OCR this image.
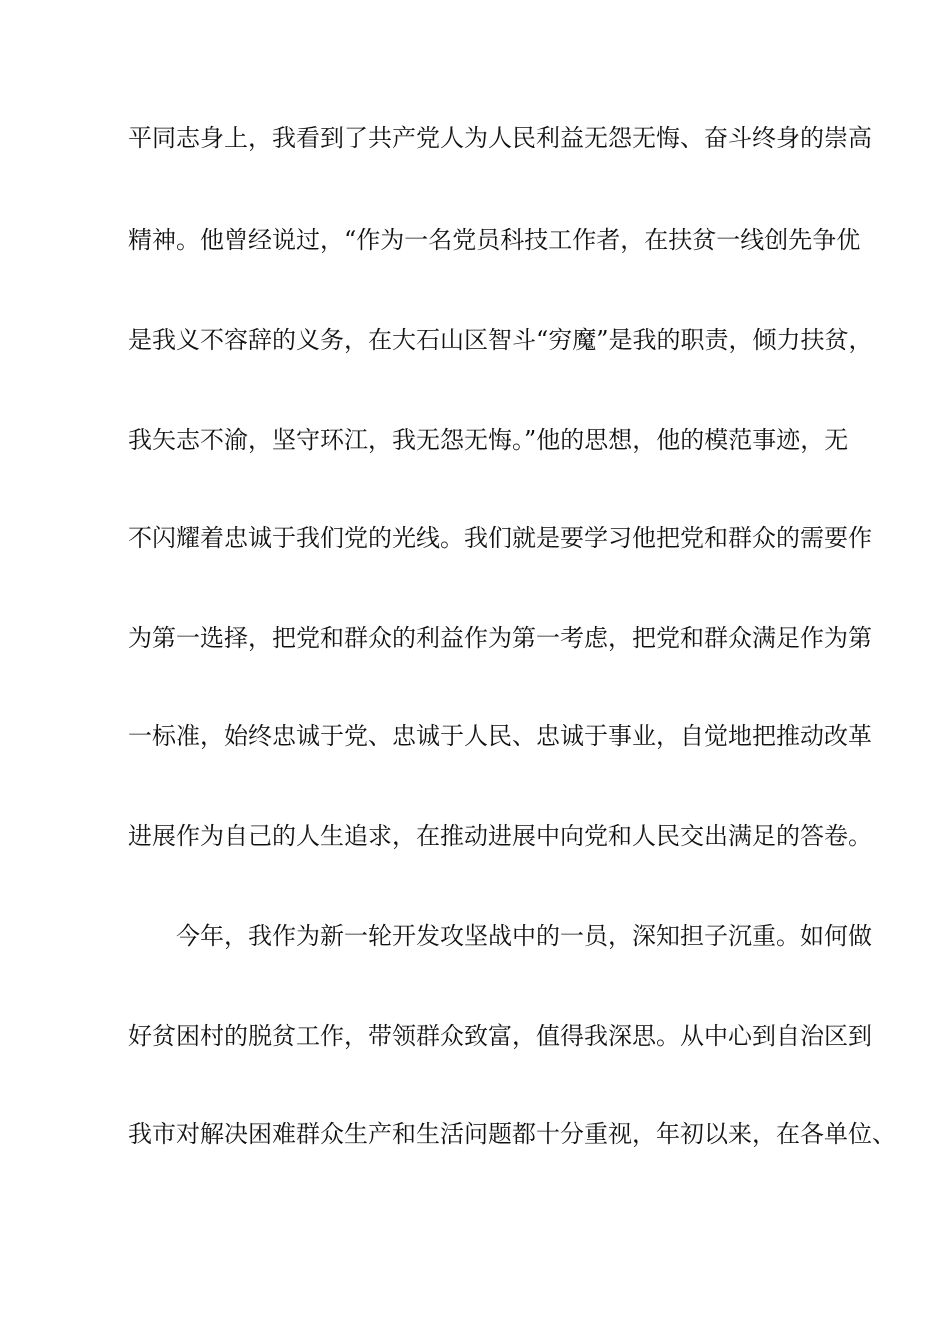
平同志身上，我看到了共产党人为人民利益无怨无悔、奋斗终身的崇高
精神。他曾经说过，“作为一名党员科技工作者，在扶贫一线创先争优
是我义不容辞的义务，在大石山区智斗“穷魔”是我的职责，倾力扶贫，
我矢志不渝，坚守环江，我无怨无悔。”他的思想，他的模范事迹，无
不闪耀着忠诚于我们党的光线。我们就是要学习他把党和群众的需要作
为第一选择，把党和群众的利益作为第一考虑，把党和群众满足作为第
一标准，始终忠诚于党、忠诚于人民、忠诚于事业，自觉地把推动改革
进展作为自己的人生追求，在推动进展中向党和人民交出满足的答卷。
今年，我作为新一轮开发攻坚战中的一员，深知担子沉重。如何做
好贫困村的脱贫工作，带领群众致富，值得我深思。从中心到自治区到
我市对解决困难群众生产和生活问题都十分重视，年初以来，在各单位、
